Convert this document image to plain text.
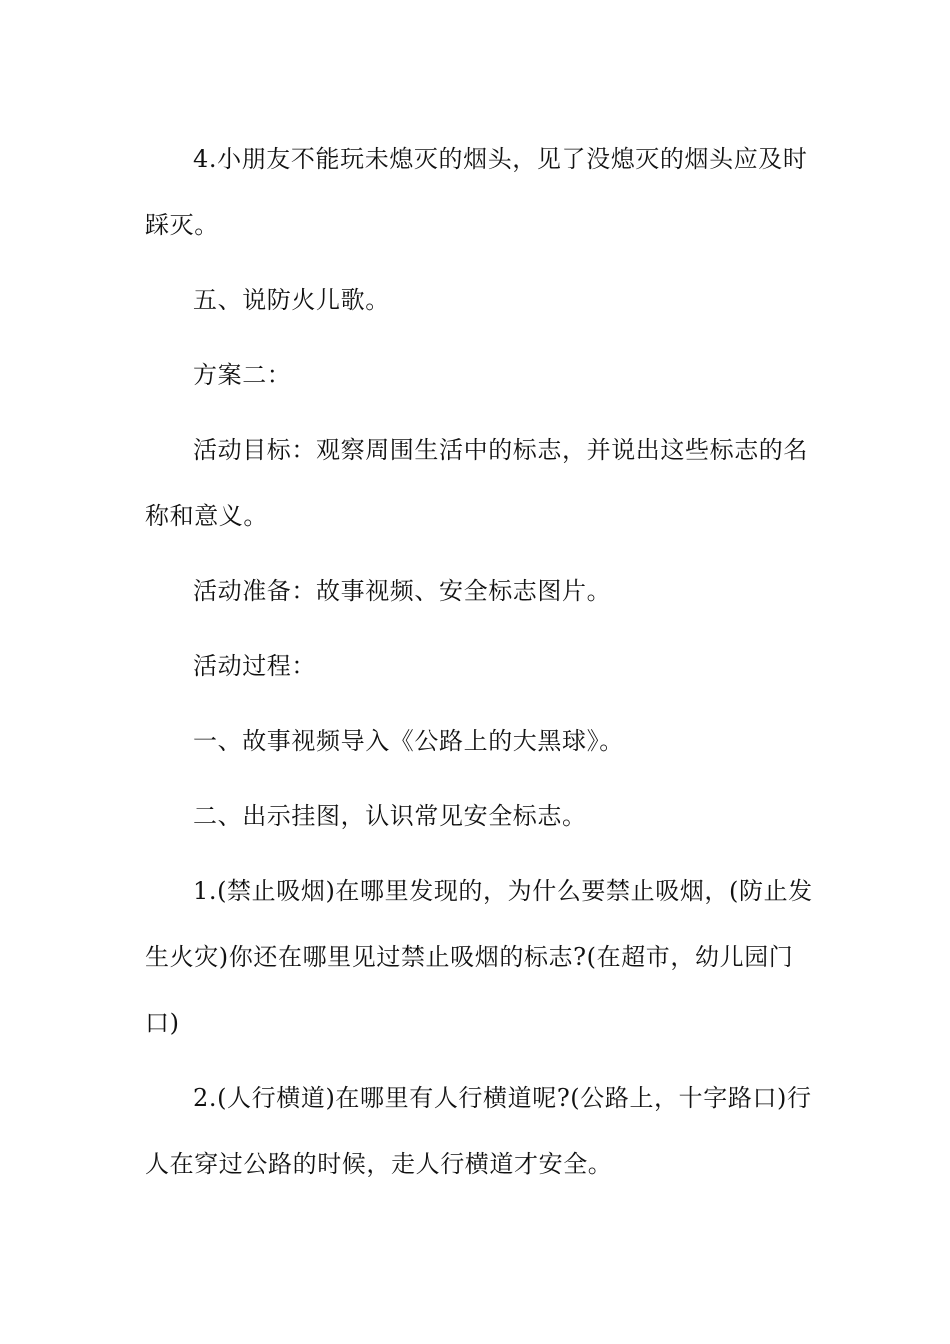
4.小朋友不能玩未熄灭的烟头，见了没熄灭的烟头应及时
踩灭。

五、说防火儿歌。

方案二：

活动目标：观察周围生活中的标志，并说出这些标志的名
称和意义。

活动准备：故事视频、安全标志图片。

活动过程：

一、故事视频导入《公路上的大黑球》。

二、出示挂图，认识常见安全标志。

1.(禁止吸烟)在哪里发现的，为什么要禁止吸烟，(防止发
生火灾)你还在哪里见过禁止吸烟的标志?(在超市，幼儿园门
口)

2.(人行横道)在哪里有人行横道呢?(公路上，十字路口)行
人在穿过公路的时候，走人行横道才安全。
